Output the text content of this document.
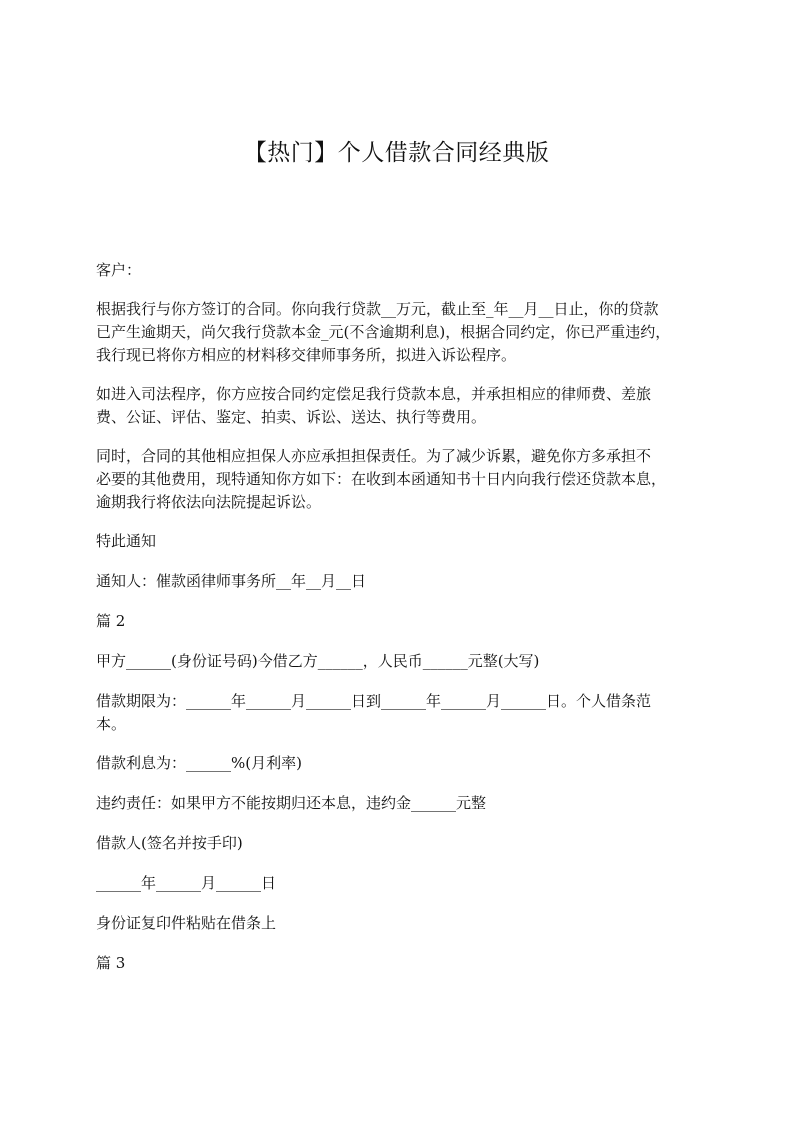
【热门】个人借款合同经典版

客户：

根据我行与你方签订的合同。你向我行贷款__万元，截止至_年__月__日止，你的贷款
已产生逾期天，尚欠我行贷款本金_元(不含逾期利息)，根据合同约定，你已严重违约，
我行现已将你方相应的材料移交律师事务所，拟进入诉讼程序。

如进入司法程序，你方应按合同约定偿足我行贷款本息，并承担相应的律师费、差旅
费、公证、评估、鉴定、拍卖、诉讼、送达、执行等费用。

同时，合同的其他相应担保人亦应承担担保责任。为了减少诉累，避免你方多承担不
必要的其他费用，现特通知你方如下：在收到本函通知书十日内向我行偿还贷款本息，
逾期我行将依法向法院提起诉讼。

特此通知

通知人：催款函律师事务所__年__月__日

篇 2

甲方______(身份证号码)今借乙方______，人民币______元整(大写)

借款期限为：______年______月______日到______年______月______日。个人借条范
本。

借款利息为：______%(月利率)

违约责任：如果甲方不能按期归还本息，违约金______元整

借款人(签名并按手印)

______年______月______日

身份证复印件粘贴在借条上

篇 3
